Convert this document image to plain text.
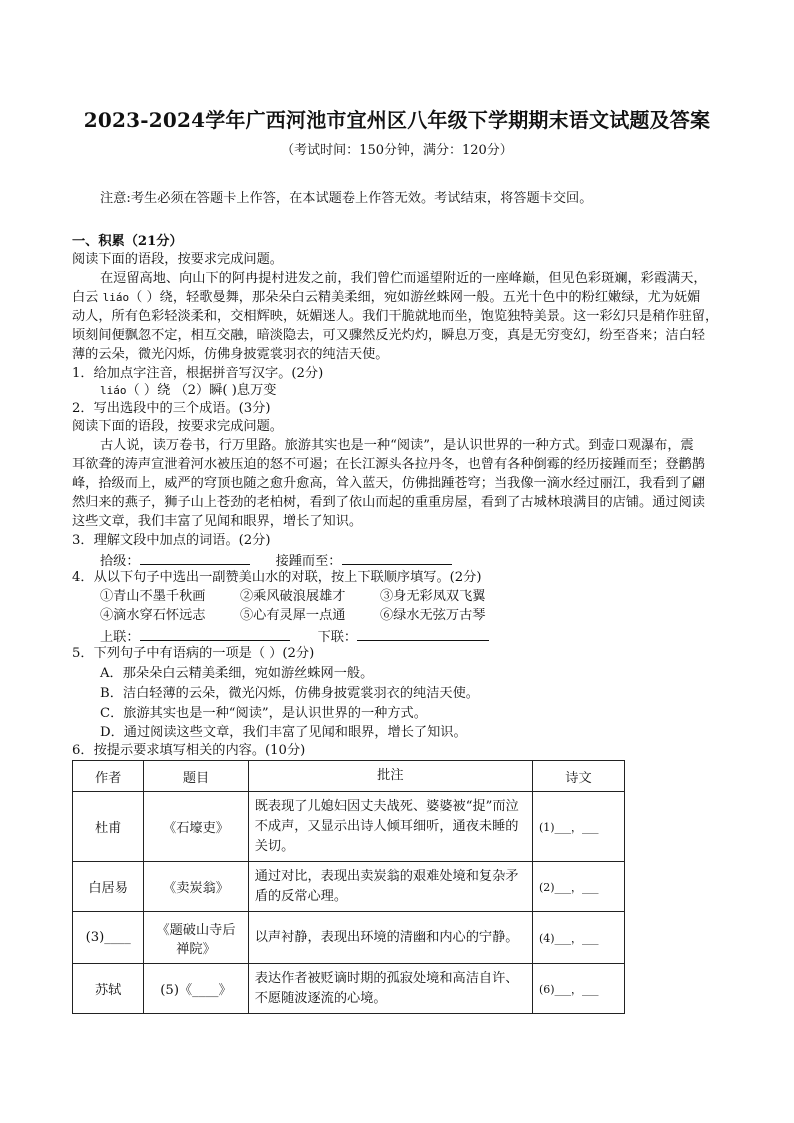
2023-2024学年广西河池市宜州区八年级下学期期末语文试题及答案
（考试时间：150分钟，满分：120分）
注意:考生必须在答题卡上作答，在本试题卷上作答无效。考试结束，将答题卡交回。
一、积累（21分）
阅读下面的语段，按要求完成问题。
在逗留高地、向山下的阿冉提村进发之前，我们曾伫而遥望附近的一座峰巅，但见色彩斑斓，彩霞满天，
白云 liáo（ ）绕，轻歌曼舞，那朵朵白云精美柔细，宛如游丝蛛网一般。五光十色中的粉红嫩绿，尤为妩媚
动人，所有色彩轻淡柔和，交相辉映，妩媚迷人。我们干脆就地而坐，饱览独特美景。这一彩幻只是稍作驻留，
顷刻间便飘忽不定，相互交融，暗淡隐去，可又骤然反光灼灼，瞬息万变，真是无穷变幻，纷至沓来；洁白轻
薄的云朵，微光闪烁，仿佛身披霓裳羽衣的纯洁天使。
1．给加点字注音，根据拼音写汉字。(2分)
liáo（ ）绕 （2）瞬( )息万变
2．写出选段中的三个成语。(3分)
阅读下面的语段，按要求完成问题。
古人说，读万卷书，行万里路。旅游其实也是一种“阅读”，是认识世界的一种方式。到壶口观瀑布，震
耳欲聋的涛声宣泄着河水被压迫的怒不可遏；在长江源头各拉丹冬，也曾有各种倒霉的经历接踵而至；登鹳鹊
峰，拾级而上，威严的穹顶也随之愈升愈高，耸入蓝天，仿佛拙踵苍穹；当我像一滴水经过丽江，我看到了翩
然归来的燕子，狮子山上苍劲的老柏树，看到了依山而起的重重房屋，看到了古城林琅满目的店铺。通过阅读
这些文章，我们丰富了见闻和眼界，增长了知识。
3．理解文段中加点的词语。(2分)
拾级：	接踵而至：
4．从以下句子中选出一副赞美山水的对联，按上下联顺序填写。(2分)
①青山不墨千秋画	②乘风破浪展雄才	③身无彩凤双飞翼
④滴水穿石怀远志	⑤心有灵犀一点通	⑥绿水无弦万古琴
上联：	下联：
5．下列句子中有语病的一项是（ ）(2分)
A．那朵朵白云精美柔细，宛如游丝蛛网一般。
B．洁白轻薄的云朵，微光闪烁，仿佛身披霓裳羽衣的纯洁天使。
C．旅游其实也是一种“阅读”，是认识世界的一种方式。
D．通过阅读这些文章，我们丰富了见闻和眼界，增长了知识。
6．按提示要求填写相关的内容。(10分)
作者	题目	批注	诗文
杜甫	《石壕吏》	既表现了儿媳妇因丈夫战死、婆婆被“捉”而泣不成声，又显示出诗人倾耳细听，通夜未睡的关切。	(1)___，___
白居易	《卖炭翁》	通过对比，表现出卖炭翁的艰难处境和复杂矛盾的反常心理。	(2)___，___
(3)____	《题破山寺后禅院》	以声衬静，表现出环境的清幽和内心的宁静。	(4)___，___
苏轼	(5)《____》	表达作者被贬谪时期的孤寂处境和高洁自许、不愿随波逐流的心境。	(6)___，___
